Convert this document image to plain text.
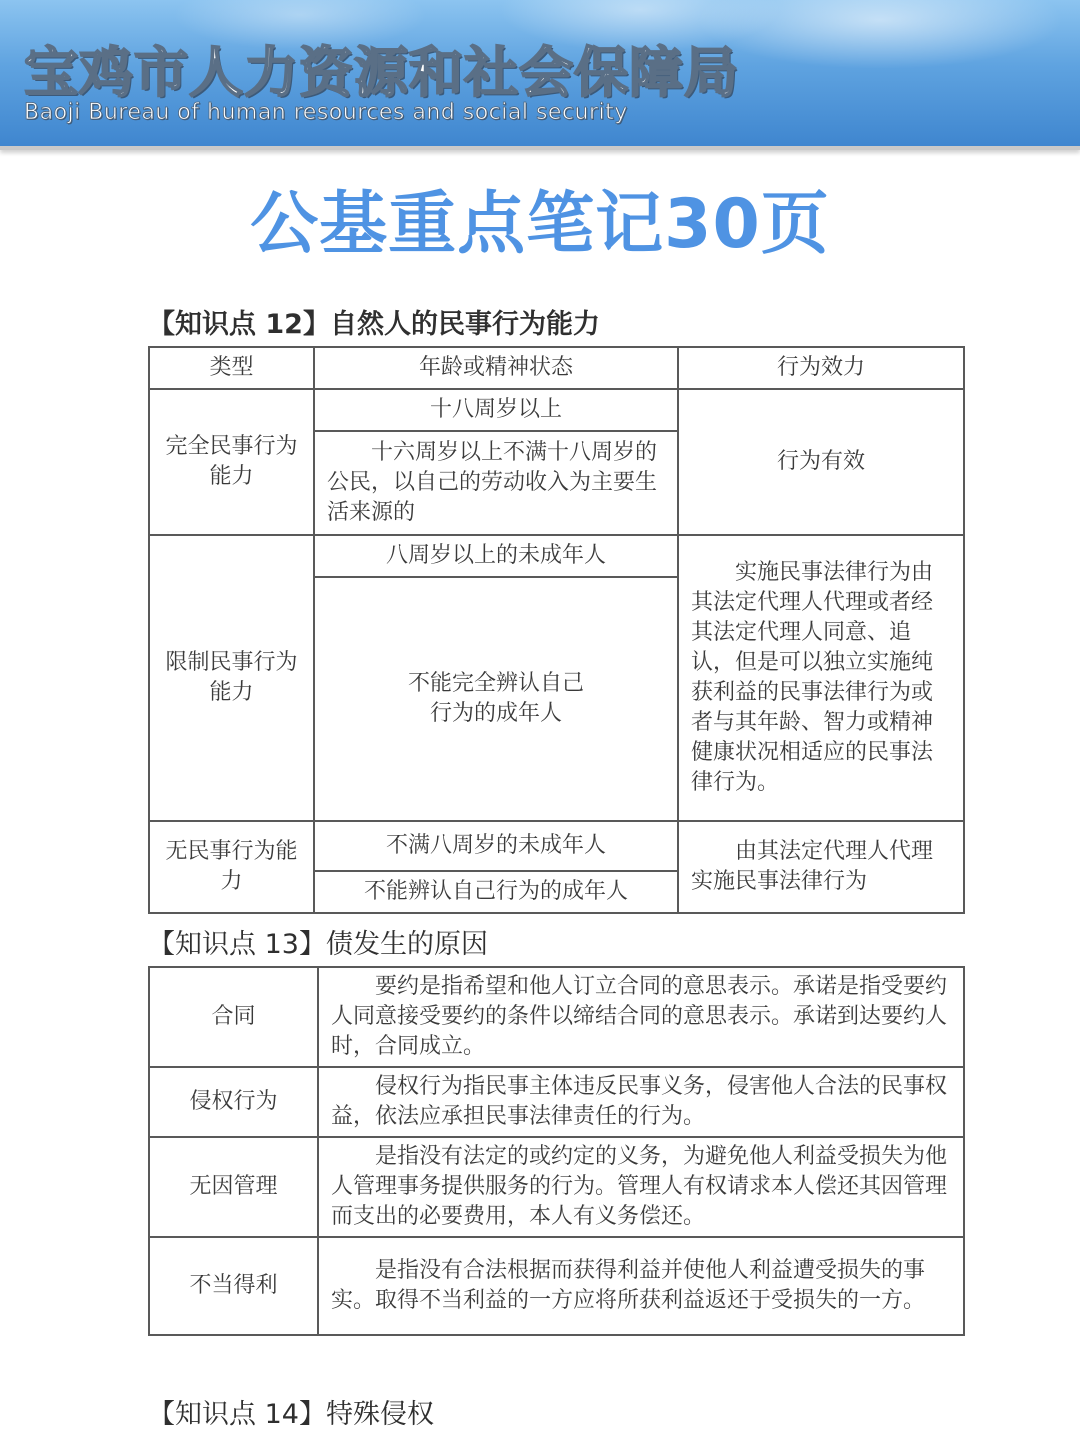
宝鸡市人力资源和社会保障局
Baoji Bureau of human resources and social security
公基重点笔记30页
【知识点 12】自然人的民事行为能力
类型	年龄或精神状态	行为效力
完全民事行为能力	十八周岁以上	行为有效
	十六周岁以上不满十八周岁的公民，以自己的劳动收入为主要生活来源的	
限制民事行为能力	八周岁以上的未成年人	实施民事法律行为由其法定代理人代理或者经其法定代理人同意、追认，但是可以独立实施纯获利益的民事法律行为或者与其年龄、智力或精神健康状况相适应的民事法律行为。
	不能完全辨认自己行为的成年人	
无民事行为能力	不满八周岁的未成年人	由其法定代理人代理实施民事法律行为
	不能辨认自己行为的成年人	
【知识点 13】债发生的原因
合同	要约是指希望和他人订立合同的意思表示。承诺是指受要约人同意接受要约的条件以缔结合同的意思表示。承诺到达要约人时，合同成立。
侵权行为	侵权行为指民事主体违反民事义务，侵害他人合法的民事权益，依法应承担民事法律责任的行为。
无因管理	是指没有法定的或约定的义务，为避免他人利益受损失为他人管理事务提供服务的行为。管理人有权请求本人偿还其因管理而支出的必要费用，本人有义务偿还。
不当得利	是指没有合法根据而获得利益并使他人利益遭受损失的事实。取得不当利益的一方应将所获利益返还于受损失的一方。
【知识点 14】特殊侵权
